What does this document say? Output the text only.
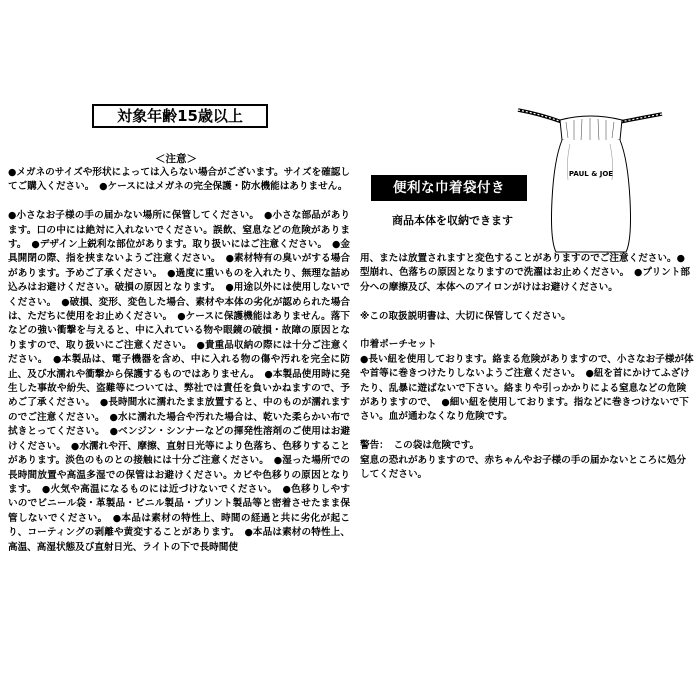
対象年齢15歳以上
＜注意＞

●メガネのサイズや形状によっては入らない場合がございます。サイズを確認してご購入ください。　●ケースにはメガネの完全保護・防水機能はありません。

●小さなお子様の手の届かない場所に保管してください。　●小さな部品があります。口の中には絶対に入れないでください。誤飲、窒息などの危険があります。　●デザイン上鋭利な部位があります。取り扱いにはご注意ください。　●金具開閉の際、指を挟まないようご注意ください。　●素材特有の臭いがする場合があります。予めご了承ください。　●過度に重いものを入れたり、無理な詰め込みはお避けください。破損の原因となります。　●用途以外には使用しないでください。　●破損、変形、変色した場合、素材や本体の劣化が認められた場合は、ただちに使用をお止めください。　●ケースに保護機能はありません。落下などの強い衝撃を与えると、中に入れている物や眼鏡の破損・故障の原因となりますので、取り扱いにご注意ください。　●貴重品収納の際には十分ご注意ください。　●本製品は、電子機器を含め、中に入れる物の傷や汚れを完全に防止、及び水濡れや衝撃から保護するものではありません。　●本製品使用時に発生した事故や紛失、盗難等については、弊社では責任を負いかねますので、予めご了承ください。　●長時間水に濡れたまま放置すると、中のものが濡れますのでご注意ください。　●水に濡れた場合や汚れた場合は、乾いた柔らかい布で拭きとってください。　●ベンジン・シンナーなどの揮発性溶剤のご使用はお避けください。　●水濡れや汗、摩擦、直射日光等により色落ち、色移りすることがあります。淡色のものとの接触には十分ご注意ください。　●湿った場所での長時間放置や高温多湿での保管はお避けください。カビや色移りの原因となります。　●火気や高温になるものには近づけないでください。　●色移りしやすいのでビニール袋・革製品・ビニル製品・プリント製品等と密着させたまま保管しないでください。　●本品は素材の特性上、時間の経過と共に劣化が起こり、コーティングの剥離や黄変することがあります。　●本品は素材の特性上、高温、高湿状態及び直射日光、ライトの下で長時間使

便利な巾着袋付き
商品本体を収納できます
PAUL & JOE

用、または放置されますと変色することがありますのでご注意ください。●型崩れ、色落ちの原因となりますので洗濯はお止めください。　●プリント部分への摩擦及び、本体へのアイロンがけはお避けください。

※この取扱説明書は、大切に保管してください。

巾着ポーチセット

●長い紐を使用しております。絡まる危険がありますので、小さなお子様が体や首等に巻きつけたりしないようご注意ください。　●紐を首にかけてふざけたり、乱暴に遊ばないで下さい。絡まりや引っかかりによる窒息などの危険がありますので、　●細い紐を使用しております。指などに巻きつけないで下さい。血が通わなくなり危険です。

警告：　この袋は危険です。

窒息の恐れがありますので、赤ちゃんやお子様の手の届かないところに処分してください。
